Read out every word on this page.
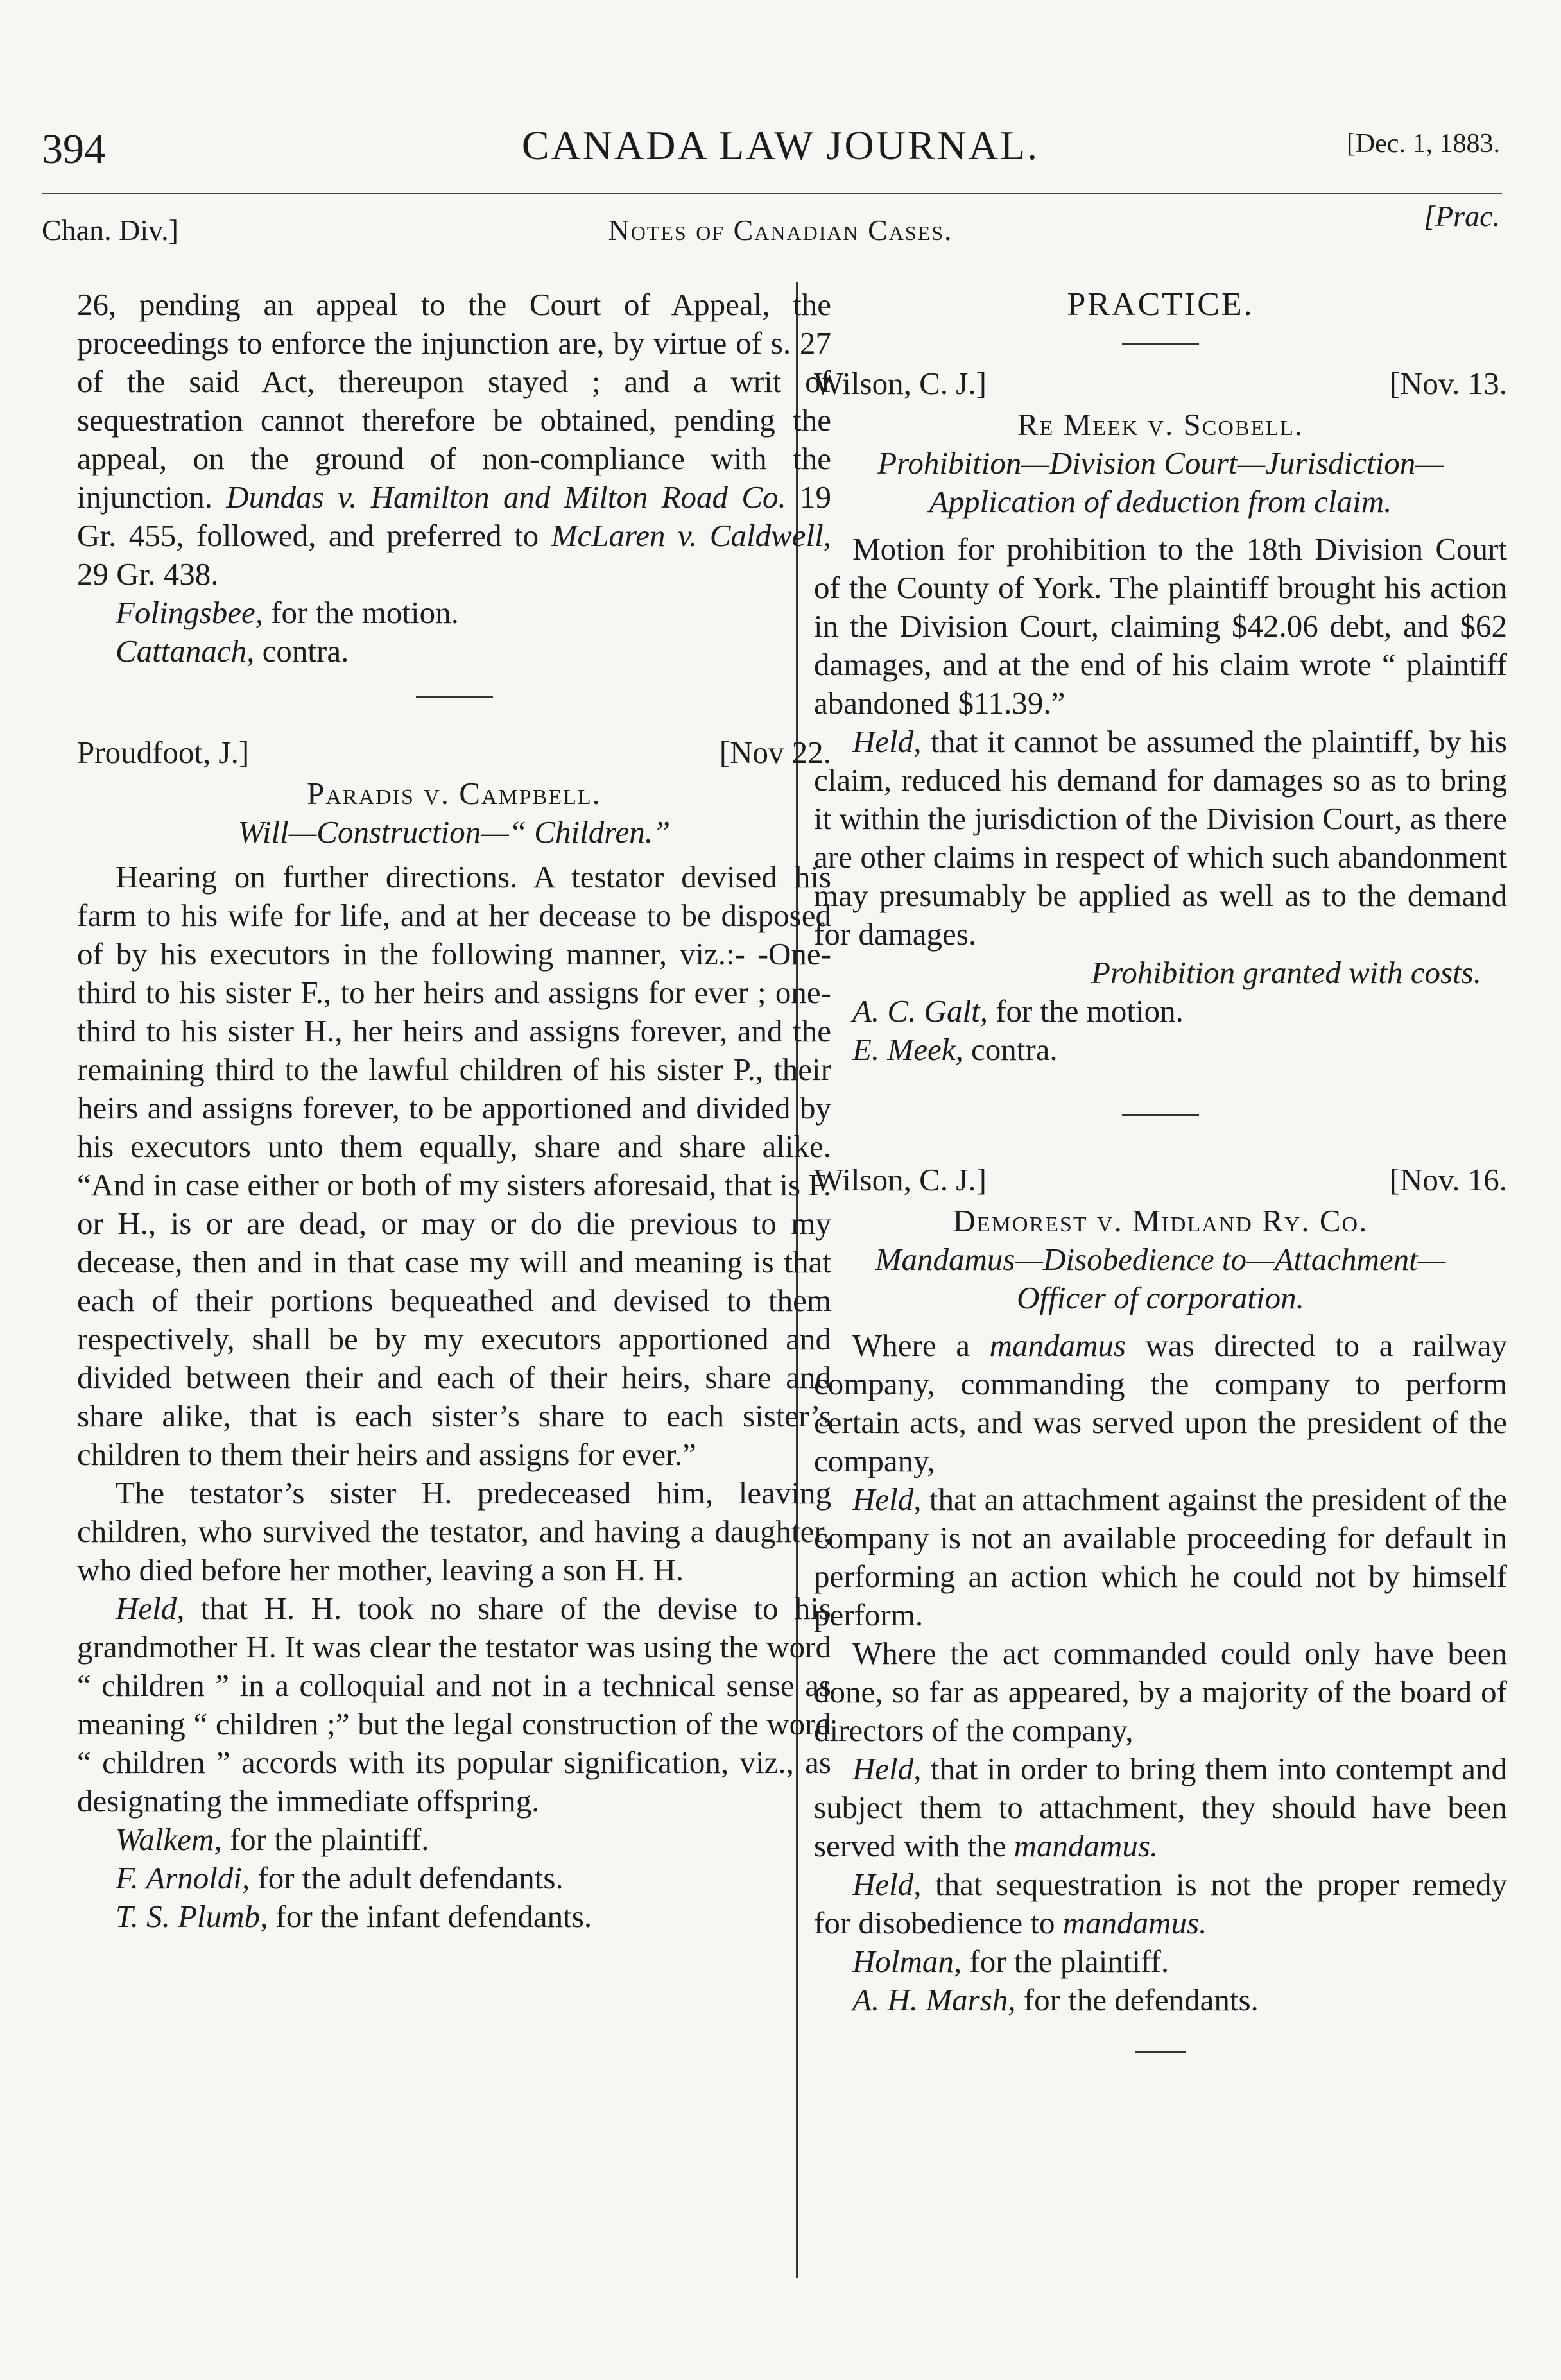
394	CANADA LAW JOURNAL.	[Dec. 1, 1883.
Chan. Div.]	Notes of Canadian Cases.	[Prac.

26, pending an appeal to the Court of Appeal, the proceedings to enforce the injunction are, by virtue of s. 27 of the said Act, thereupon stayed ; and a writ of sequestration cannot therefore be obtained, pending the appeal, on the ground of non-compliance with the injunction. Dundas v. Hamilton and Milton Road Co. 19 Gr. 455, followed, and preferred to McLaren v. Caldwell, 29 Gr. 438.

Folingsbee, for the motion.

Cattanach, contra.

Proudfoot, J.]	[Nov 22.
Paradis v. Campbell.
Will—Construction—“ Children.”

Hearing on further directions. A testator devised his farm to his wife for life, and at her decease to be disposed of by his executors in the following manner, viz.:- -One-third to his sister F., to her heirs and assigns for ever ; one-third to his sister H., her heirs and assigns forever, and the remaining third to the lawful children of his sister P., their heirs and assigns forever, to be apportioned and divided by his executors unto them equally, share and share alike. “And in case either or both of my sisters aforesaid, that is F. or H., is or are dead, or may or do die previous to my decease, then and in that case my will and meaning is that each of their portions bequeathed and devised to them respectively, shall be by my executors apportioned and divided between their and each of their heirs, share and share alike, that is each sister’s share to each sister’s children to them their heirs and assigns for ever.”

The testator’s sister H. predeceased him, leaving children, who survived the testator, and having a daughter, who died before her mother, leaving a son H. H.

Held, that H. H. took no share of the devise to his grandmother H. It was clear the testator was using the word “ children ” in a colloquial and not in a technical sense as meaning “ children ;” but the legal construction of the word “ children ” accords with its popular signification, viz., as designating the immediate offspring.

Walkem, for the plaintiff.

F. Arnoldi, for the adult defendants.

T. S. Plumb, for the infant defendants.

PRACTICE.
Wilson, C. J.]	[Nov. 13.
Re Meek v. Scobell.
Prohibition—Division Court—Jurisdiction—
Application of deduction from claim.

Motion for prohibition to the 18th Division Court of the County of York. The plaintiff brought his action in the Division Court, claiming $42.06 debt, and $62 damages, and at the end of his claim wrote “ plaintiff abandoned $11.39.”

Held, that it cannot be assumed the plaintiff, by his claim, reduced his demand for damages so as to bring it within the jurisdiction of the Division Court, as there are other claims in respect of which such abandonment may presumably be applied as well as to the demand for damages.

Prohibition granted with costs.

A. C. Galt, for the motion.

E. Meek, contra.

Wilson, C. J.]	[Nov. 16.
Demorest v. Midland Ry. Co.
Mandamus—Disobedience to—Attachment—
Officer of corporation.

Where a mandamus was directed to a railway company, commanding the company to perform certain acts, and was served upon the president of the company,

Held, that an attachment against the president of the company is not an available proceeding for default in performing an action which he could not by himself perform.

Where the act commanded could only have been done, so far as appeared, by a majority of the board of directors of the company,

Held, that in order to bring them into contempt and subject them to attachment, they should have been served with the mandamus.

Held, that sequestration is not the proper remedy for disobedience to mandamus.

Holman, for the plaintiff.

A. H. Marsh, for the defendants.
